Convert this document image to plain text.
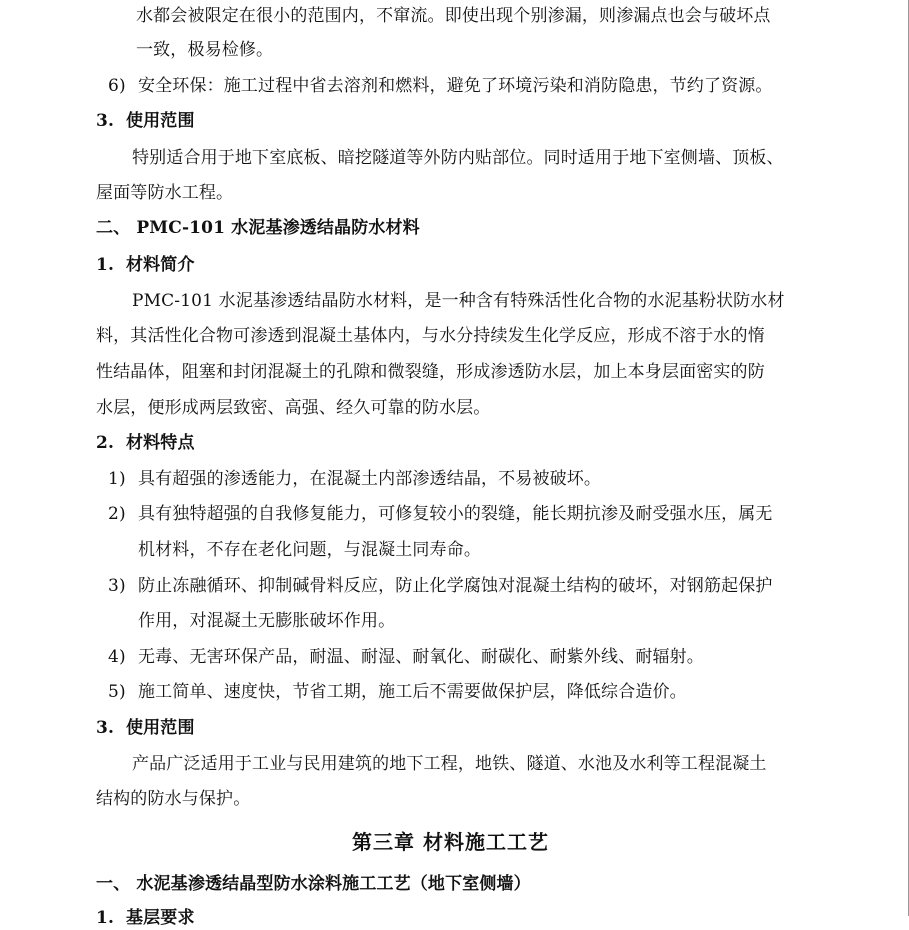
水都会被限定在很小的范围内，不窜流。即使出现个别渗漏，则渗漏点也会与破坏点
一致，极易检修。
6) 安全环保：施工过程中省去溶剂和燃料，避免了环境污染和消防隐患，节约了资源。
3. 使用范围
特别适合用于地下室底板、暗挖隧道等外防内贴部位。同时适用于地下室侧墙、顶板、
屋面等防水工程。
二、 PMC-101 水泥基渗透结晶防水材料
1. 材料简介
PMC-101 水泥基渗透结晶防水材料，是一种含有特殊活性化合物的水泥基粉状防水材
料，其活性化合物可渗透到混凝土基体内，与水分持续发生化学反应，形成不溶于水的惰
性结晶体，阻塞和封闭混凝土的孔隙和微裂缝，形成渗透防水层，加上本身层面密实的防
水层，便形成两层致密、高强、经久可靠的防水层。
2. 材料特点
1) 具有超强的渗透能力，在混凝土内部渗透结晶，不易被破坏。
2) 具有独特超强的自我修复能力，可修复较小的裂缝，能长期抗渗及耐受强水压，属无
机材料，不存在老化问题，与混凝土同寿命。
3) 防止冻融循环、抑制碱骨料反应，防止化学腐蚀对混凝土结构的破坏，对钢筋起保护
作用，对混凝土无膨胀破坏作用。
4) 无毒、无害环保产品，耐温、耐湿、耐氧化、耐碳化、耐紫外线、耐辐射。
5) 施工简单、速度快，节省工期，施工后不需要做保护层，降低综合造价。
3. 使用范围
产品广泛适用于工业与民用建筑的地下工程，地铁、隧道、水池及水利等工程混凝土
结构的防水与保护。
第三章 材料施工工艺
一、 水泥基渗透结晶型防水涂料施工工艺（地下室侧墙）
1. 基层要求
